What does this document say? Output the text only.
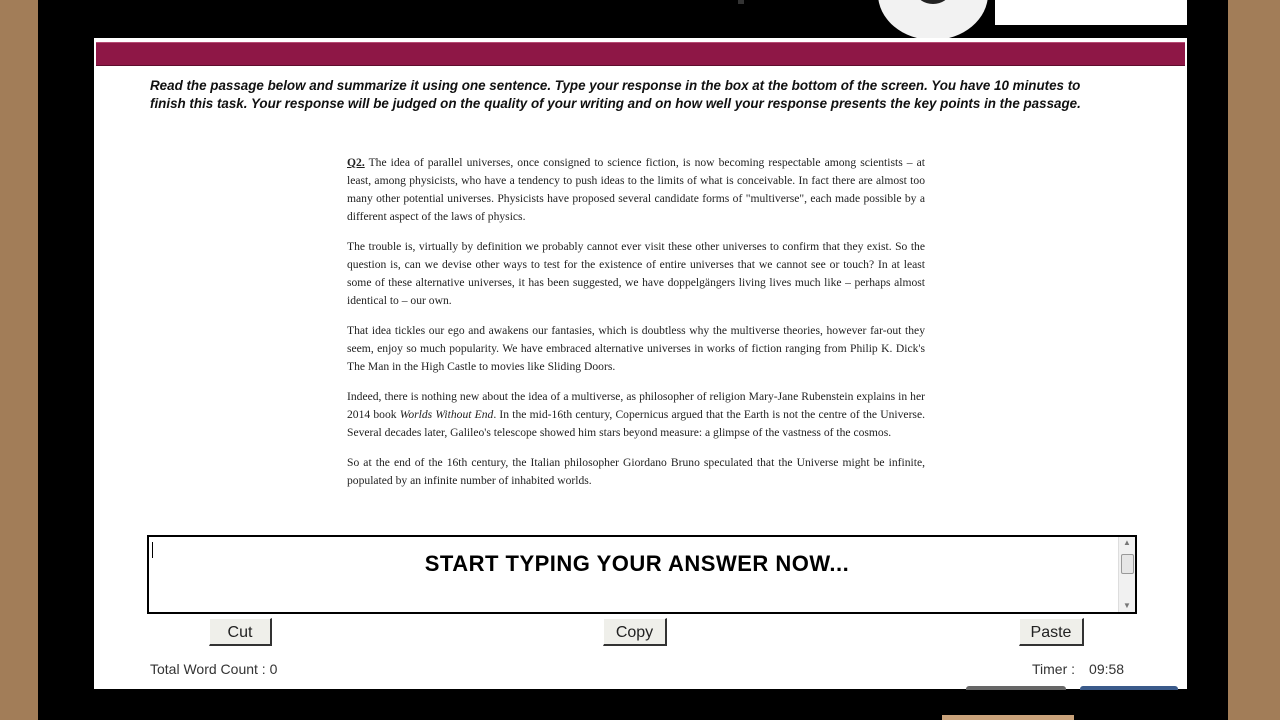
Read the passage below and summarize it using one sentence. Type your response in the box at the bottom of the screen. You have 10 minutes to finish this task. Your response will be judged on the quality of your writing and on how well your response presents the key points in the passage.

Q2. The idea of parallel universes, once consigned to science fiction, is now becoming respectable among scientists – at least, among physicists, who have a tendency to push ideas to the limits of what is conceivable. In fact there are almost too many other potential universes. Physicists have proposed several candidate forms of "multiverse", each made possible by a different aspect of the laws of physics.

The trouble is, virtually by definition we probably cannot ever visit these other universes to confirm that they exist. So the question is, can we devise other ways to test for the existence of entire universes that we cannot see or touch? In at least some of these alternative universes, it has been suggested, we have doppelgängers living lives much like – perhaps almost identical to – our own.

That idea tickles our ego and awakens our fantasies, which is doubtless why the multiverse theories, however far-out they seem, enjoy so much popularity. We have embraced alternative universes in works of fiction ranging from Philip K. Dick's The Man in the High Castle to movies like Sliding Doors.

Indeed, there is nothing new about the idea of a multiverse, as philosopher of religion Mary-Jane Rubenstein explains in her 2014 book Worlds Without End. In the mid-16th century, Copernicus argued that the Earth is not the centre of the Universe. Several decades later, Galileo's telescope showed him stars beyond measure: a glimpse of the vastness of the cosmos.

So at the end of the 16th century, the Italian philosopher Giordano Bruno speculated that the Universe might be infinite, populated by an infinite number of inhabited worlds.

START TYPING YOUR ANSWER NOW...
▲
▼
Cut	Copy	Paste
Total Word Count : 0	Timer : 09:58
